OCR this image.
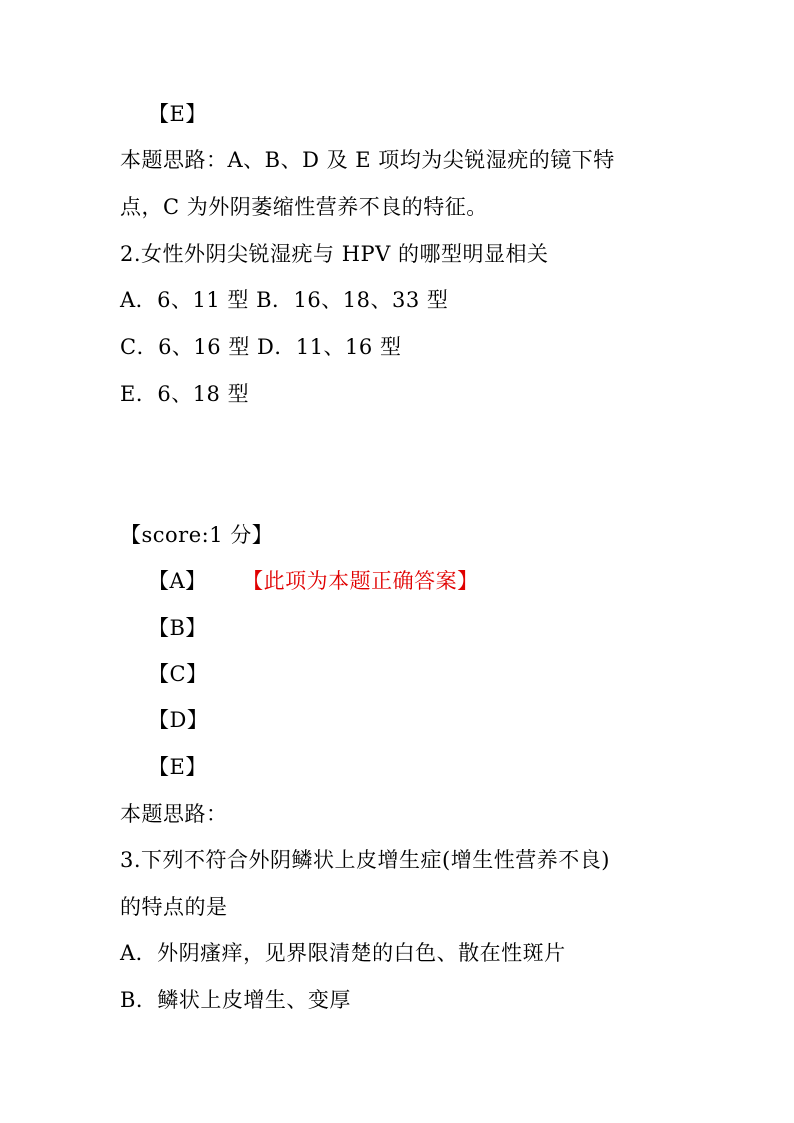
【E】
本题思路：A、B、D 及 E 项均为尖锐湿疣的镜下特
点，C 为外阴萎缩性营养不良的特征。
2.女性外阴尖锐湿疣与 HPV 的哪型明显相关
A．6、11 型 B．16、18、33 型
C．6、16 型 D．11、16 型
E．6、18 型
【score:1 分】
【A】 【此项为本题正确答案】
【B】
【C】
【D】
【E】
本题思路：
3.下列不符合外阴鳞状上皮增生症(增生性营养不良)
的特点的是
A．外阴瘙痒，见界限清楚的白色、散在性斑片
B．鳞状上皮增生、变厚
